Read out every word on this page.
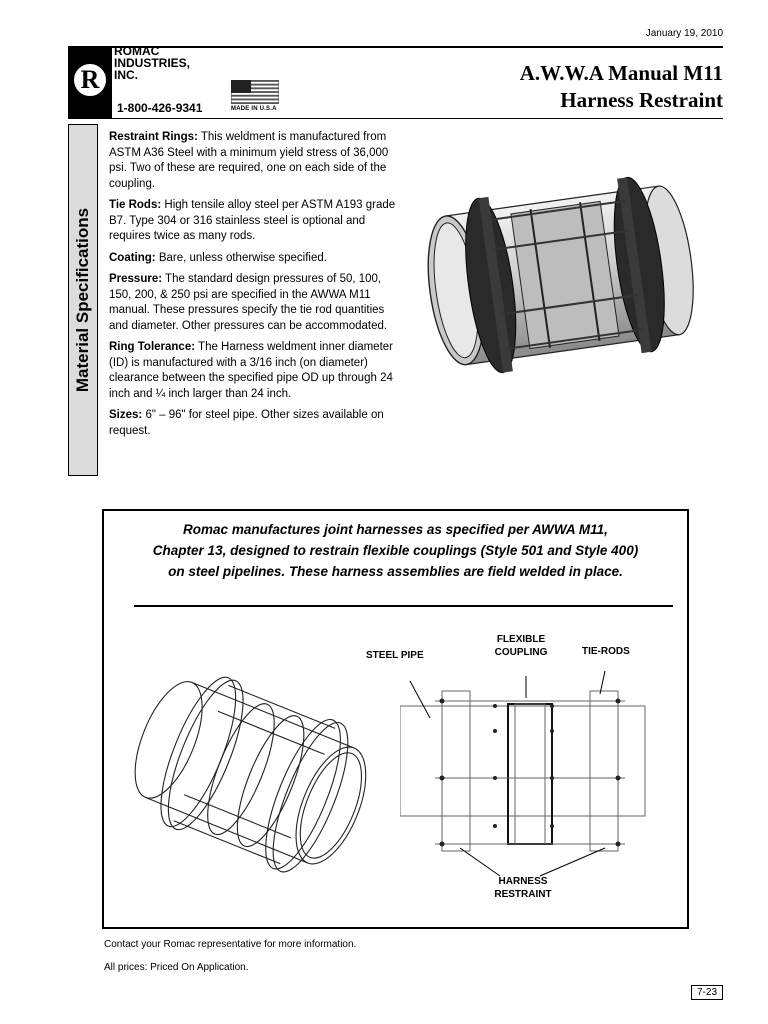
January 19, 2010
R
ROMAC
INDUSTRIES,
INC.
1-800-426-9341	MADE IN U.S.A
A.W.W.A Manual M11
Harness Restraint
Material Specifications

Restraint Rings: This weldment is manufactured from ASTM A36 Steel with a minimum yield stress of 36,000 psi. Two of these are required, one on each side of the coupling.

Tie Rods: High tensile alloy steel per ASTM A193 grade B7. Type 304 or 316 stainless steel is optional and requires twice as many rods.

Coating: Bare, unless otherwise specified.

Pressure: The standard design pressures of 50, 100, 150, 200, & 250 psi are specified in the AWWA M11 manual. These pressures specify the tie rod quantities and diameter. Other pressures can be accommodated.

Ring Tolerance: The Harness weldment inner diameter (ID) is manufactured with a 3/16 inch (on diameter) clearance between the specified pipe OD up through 24 inch and ¼ inch larger than 24 inch.

Sizes: 6" – 96" for steel pipe. Other sizes available on request.

Romac manufactures joint harnesses as specified per AWWA M11,
Chapter 13, designed to restrain flexible couplings (Style 501 and Style 400)
on steel pipelines. These harness assemblies are field welded in place.
STEEL PIPE
FLEXIBLE
COUPLING	TIE-RODS
HARNESS
RESTRAINT
Contact your Romac representative for more information.
All prices: Priced On Application.
7-23
